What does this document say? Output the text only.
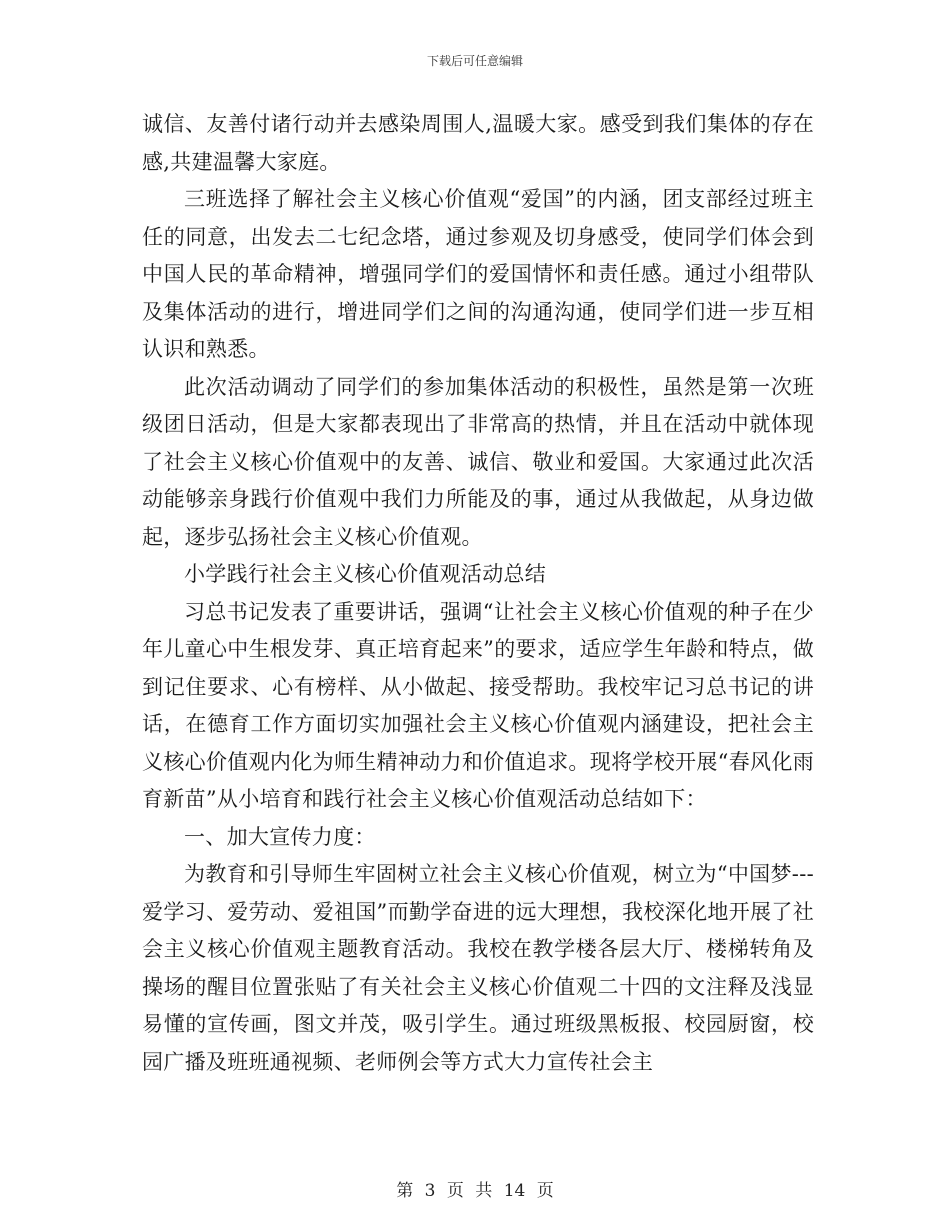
下载后可任意编辑

诚信、友善付诸行动并去感染周围人,温暖大家。感受到我们集体的存在感,共建温馨大家庭。

三班选择了解社会主义核心价值观“爱国”的内涵，团支部经过班主任的同意，出发去二七纪念塔，通过参观及切身感受，使同学们体会到中国人民的革命精神，增强同学们的爱国情怀和责任感。通过小组带队及集体活动的进行，增进同学们之间的沟通沟通，使同学们进一步互相认识和熟悉。

此次活动调动了同学们的参加集体活动的积极性，虽然是第一次班级团日活动，但是大家都表现出了非常高的热情，并且在活动中就体现了社会主义核心价值观中的友善、诚信、敬业和爱国。大家通过此次活动能够亲身践行价值观中我们力所能及的事，通过从我做起，从身边做起，逐步弘扬社会主义核心价值观。

小学践行社会主义核心价值观活动总结

习总书记发表了重要讲话，强调“让社会主义核心价值观的种子在少年儿童心中生根发芽、真正培育起来”的要求，适应学生年龄和特点，做到记住要求、心有榜样、从小做起、接受帮助。我校牢记习总书记的讲话，在德育工作方面切实加强社会主义核心价值观内涵建设，把社会主义核心价值观内化为师生精神动力和价值追求。现将学校开展“春风化雨育新苗”从小培育和践行社会主义核心价值观活动总结如下：

一、加大宣传力度：

为教育和引导师生牢固树立社会主义核心价值观，树立为“中国梦---爱学习、爱劳动、爱祖国”而勤学奋进的远大理想，我校深化地开展了社会主义核心价值观主题教育活动。我校在教学楼各层大厅、楼梯转角及操场的醒目位置张贴了有关社会主义核心价值观二十四的文注释及浅显易懂的宣传画，图文并茂，吸引学生。通过班级黑板报、校园厨窗，校园广播及班班通视频、老师例会等方式大力宣传社会主

第 3 页 共 14 页
